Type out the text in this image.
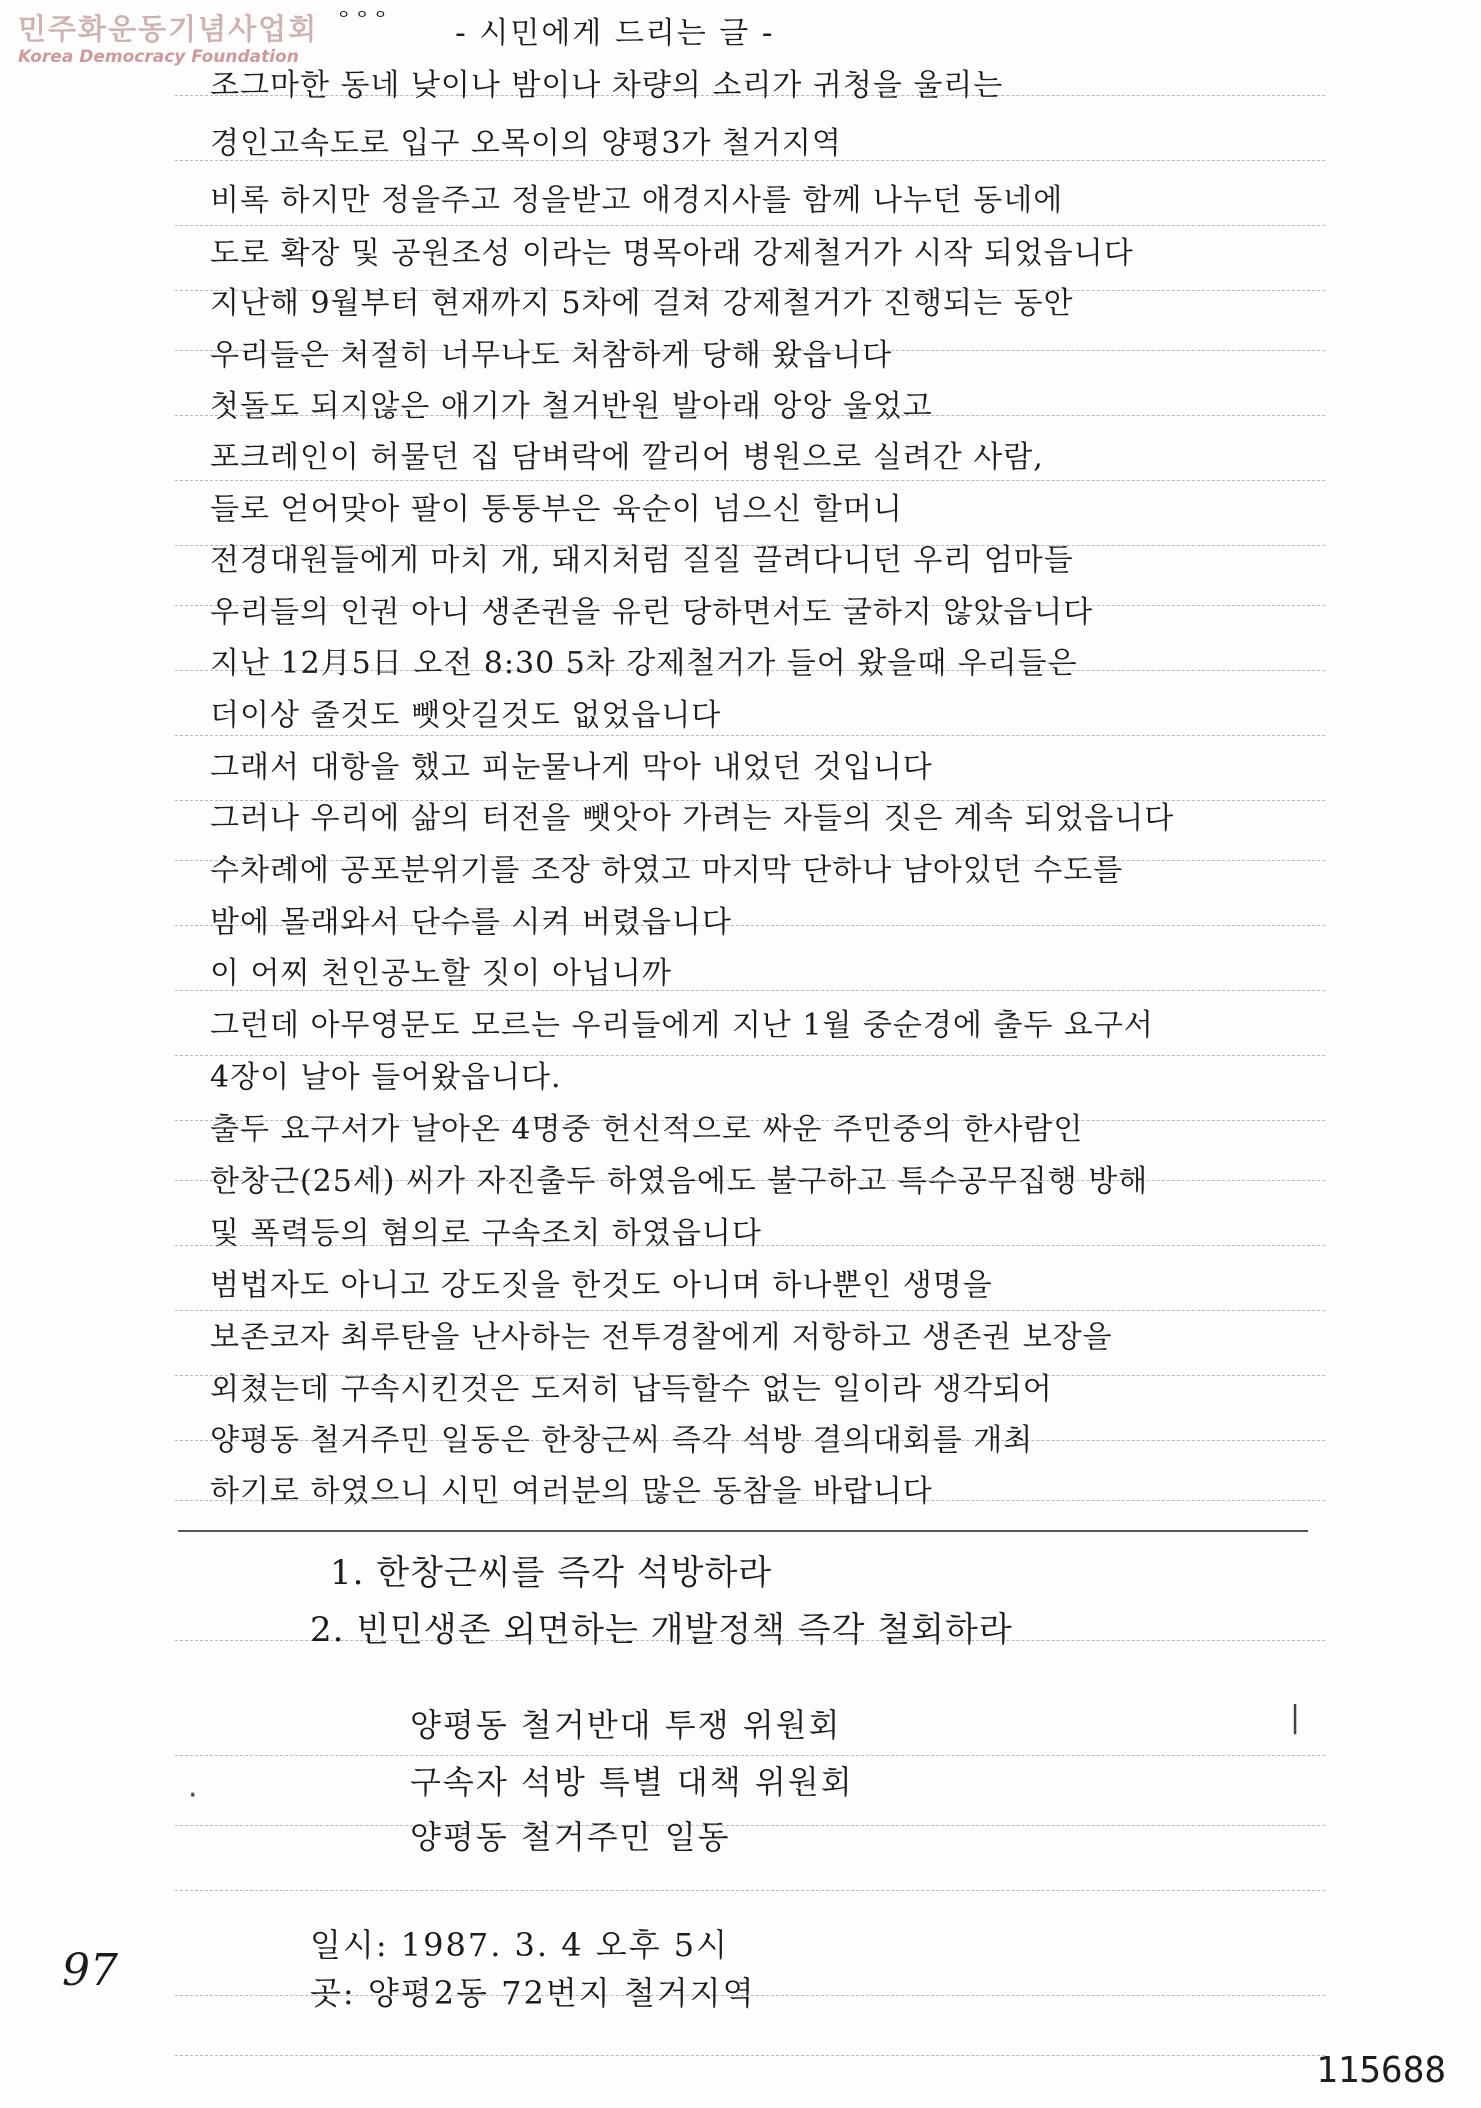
민주화운동기념사업회
Korea Democracy Foundation
ᄋᄋᄋ - 시민에게 드리는 글 -
조그마한 동네 낮이나 밤이나 차량의 소리가 귀청을 울리는
경인고속도로 입구 오목이의 양평3가 철거지역
비록 하지만 정을주고 정을받고 애경지사를 함께 나누던 동네에
도로 확장 및 공원조성 이라는 명목아래 강제철거가 시작 되었읍니다
지난해 9월부터 현재까지 5차에 걸쳐 강제철거가 진행되는 동안
우리들은 처절히 너무나도 처참하게 당해 왔읍니다
첫돌도 되지않은 애기가 철거반원 발아래 앙앙 울었고
포크레인이 허물던 집 담벼락에 깔리어 병원으로 실려간 사람,
들로 얻어맞아 팔이 퉁퉁부은 육순이 넘으신 할머니
전경대원들에게 마치 개, 돼지처럼 질질 끌려다니던 우리 엄마들
우리들의 인권 아니 생존권을 유린 당하면서도 굴하지 않았읍니다
지난 12月5日 오전 8:30 5차 강제철거가 들어 왔을때 우리들은
더이상 줄것도 뺏앗길것도 없었읍니다
그래서 대항을 했고 피눈물나게 막아 내었던 것입니다
그러나 우리에 삶의 터전을 뺏앗아 가려는 자들의 짓은 계속 되었읍니다
수차례에 공포분위기를 조장 하였고 마지막 단하나 남아있던 수도를
밤에 몰래와서 단수를 시켜 버렸읍니다
이 어찌 천인공노할 짓이 아닙니까
그런데 아무영문도 모르는 우리들에게 지난 1월 중순경에 출두 요구서
4장이 날아 들어왔읍니다.
출두 요구서가 날아온 4명중 헌신적으로 싸운 주민중의 한사람인
한창근(25세) 씨가 자진출두 하였음에도 불구하고 특수공무집행 방해
및 폭력등의 혐의로 구속조치 하였읍니다
범법자도 아니고 강도짓을 한것도 아니며 하나뿐인 생명을
보존코자 최루탄을 난사하는 전투경찰에게 저항하고 생존권 보장을
외쳤는데 구속시킨것은 도저히 납득할수 없는 일이라 생각되어
양평동 철거주민 일동은 한창근씨 즉각 석방 결의대회를 개최
하기로 하였으니 시민 여러분의 많은 동참을 바랍니다
1. 한창근씨를 즉각 석방하라
2. 빈민생존 외면하는 개발정책 즉각 철회하라
양평동 철거반대 투쟁 위원회
구속자 석방 특별 대책 위원회
양평동 철거주민 일동
일시: 1987. 3. 4 오후 5시
곳: 양평2동 72번지 철거지역
|
·
97
115688
